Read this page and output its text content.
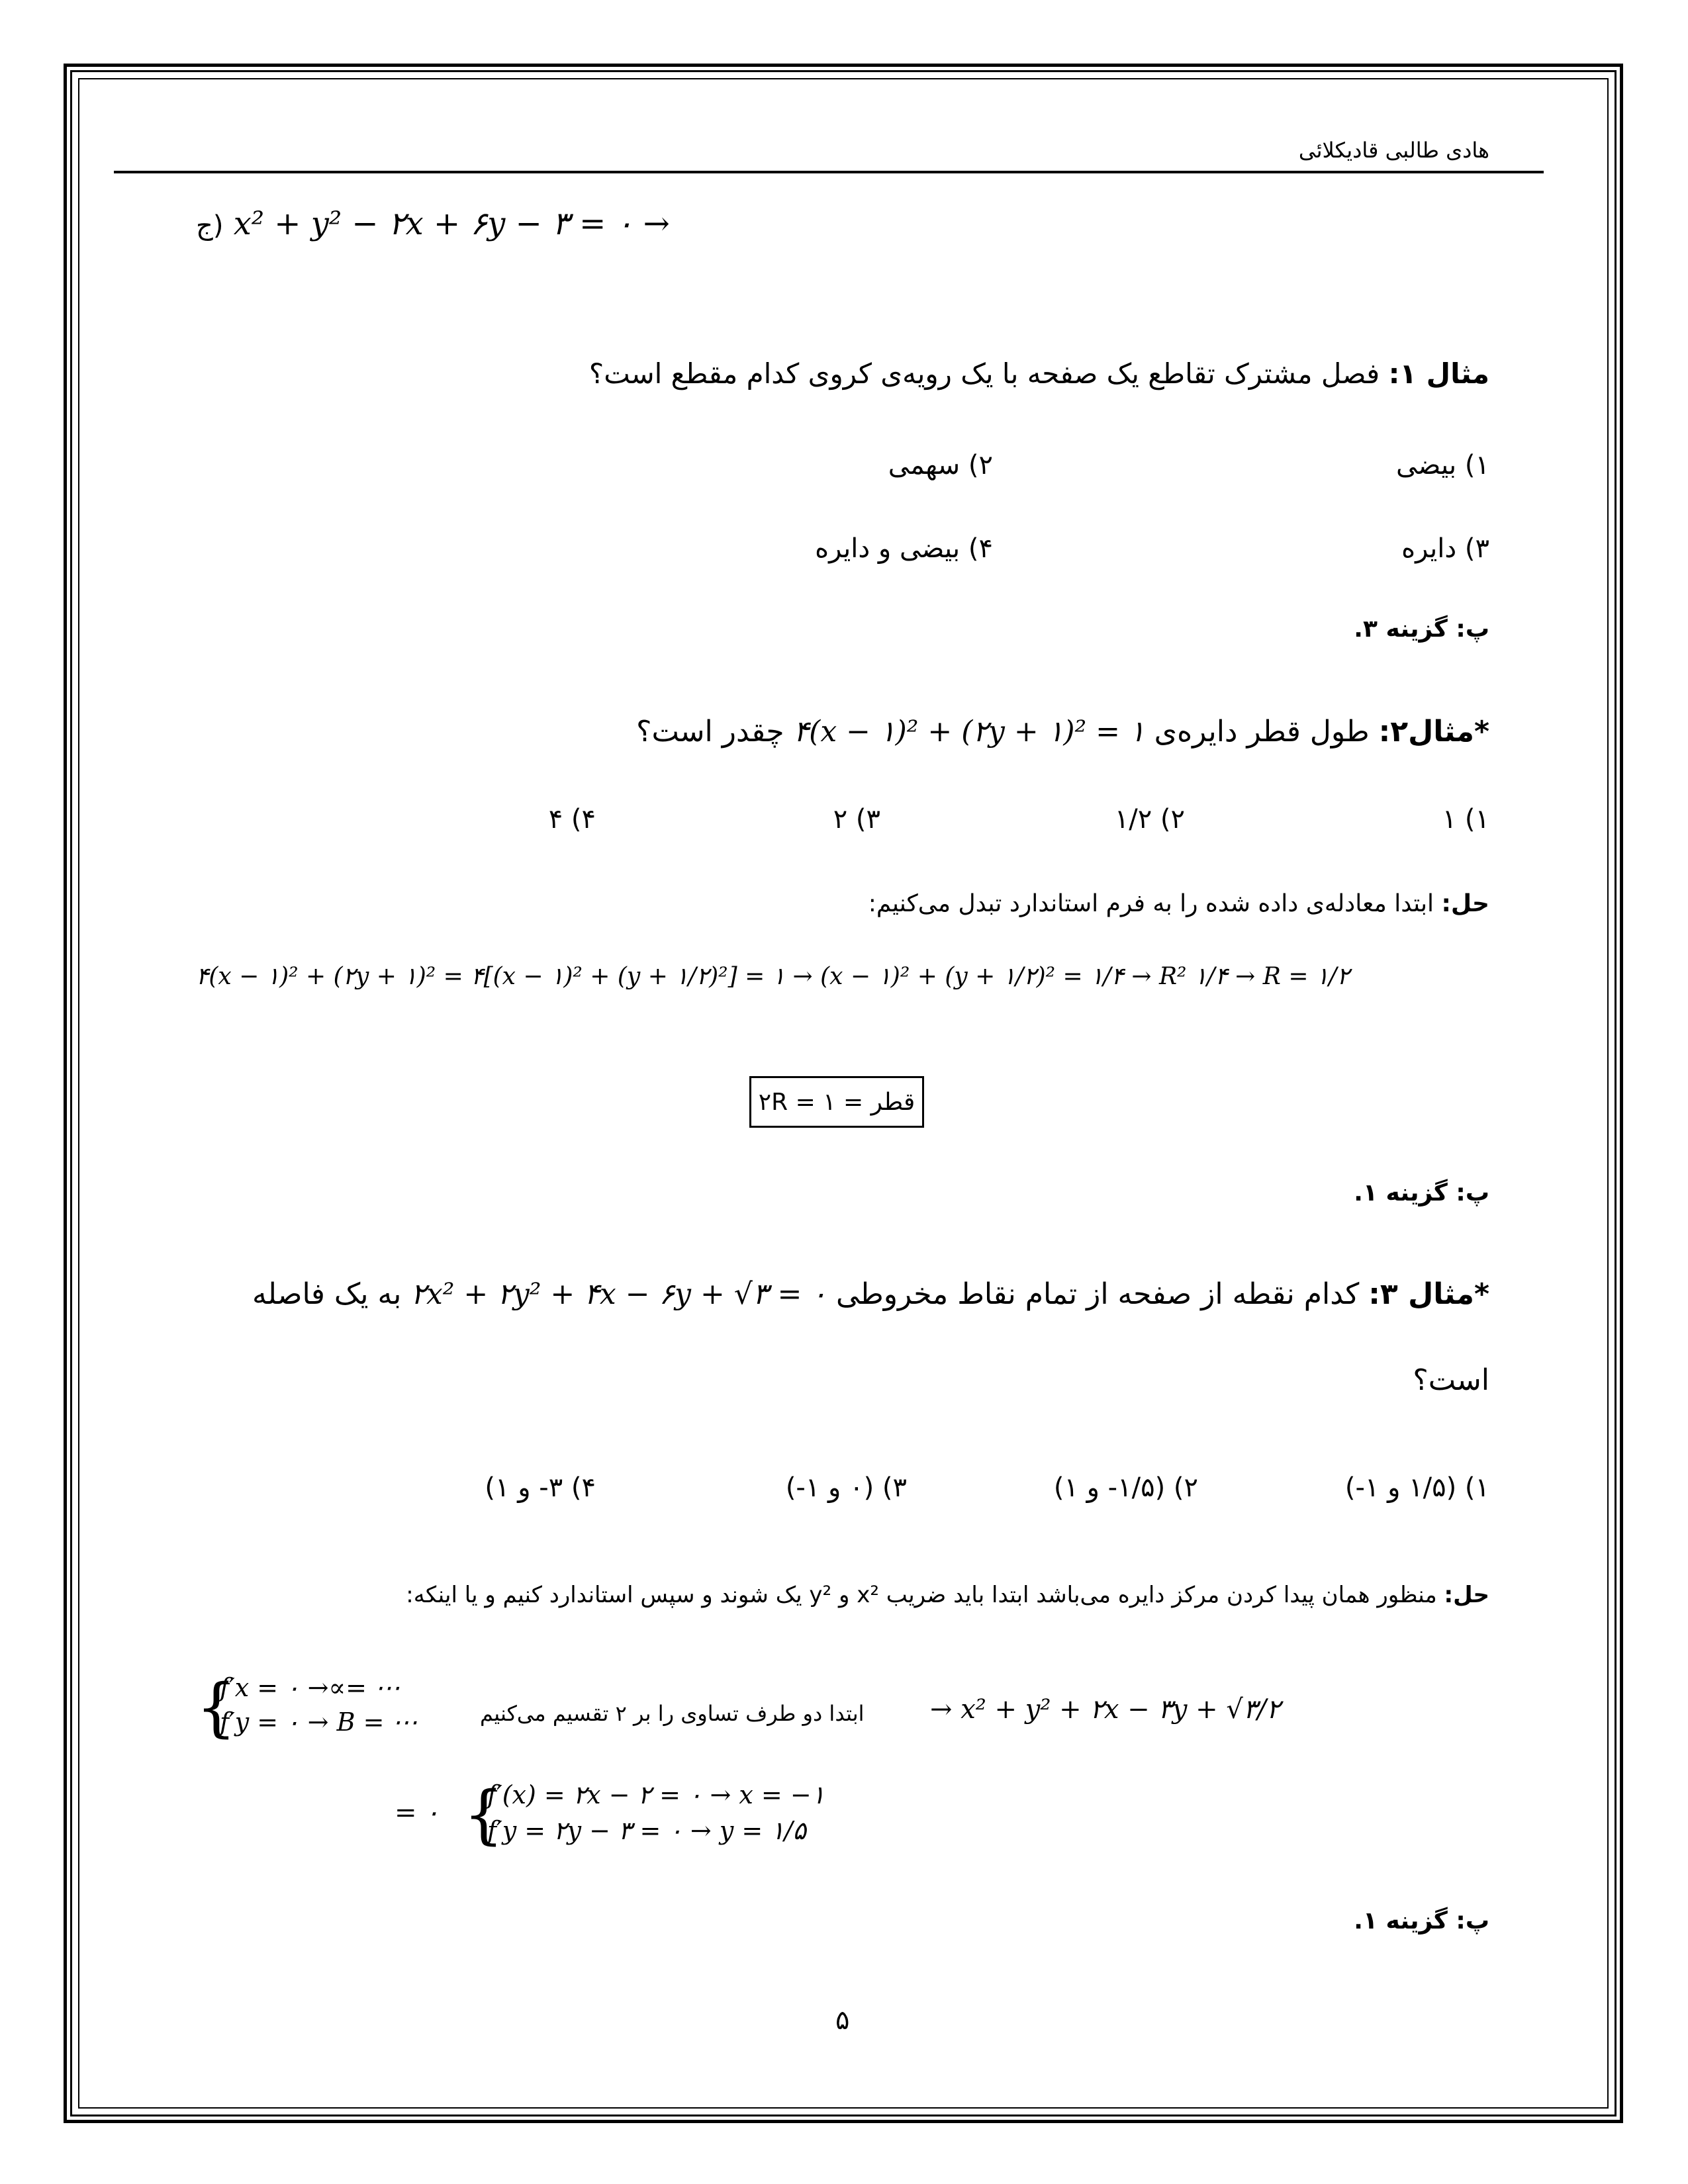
هادی طالبی قادیکلائی
ج) x² + y² − ۲x + ۶y − ۳ = ۰ →
مثال ۱: فصل مشترک تقاطع یک صفحه با یک رویه‌ی کروی کدام مقطع است؟
۱) بیضی
۲) سهمی
۳) دایره
۴) بیضی و دایره
پ: گزینه ۳.
*مثال۲: طول قطر دایره‌ی ۴(x − ۱)² + (۲y + ۱)² = ۱ چقدر است؟
۱) ۱
۲) ۱/۲
۳) ۲
۴) ۴
حل: ابتدا معادله‌ی داده شده را به فرم استاندارد تبدل می‌کنیم:
۴(x − ۱)² + (۲y + ۱)² = ۴[(x − ۱)² + (y + ۱/۲)²] = ۱ → (x − ۱)² + (y + ۱/۲)² = ۱/۴ → R² ۱/۴ → R = ۱/۲
قطر = ۲R = ۱
پ: گزینه ۱.
*مثال ۳: کدام نقطه از صفحه از تمام نقاط مخروطی ۲x² + ۲y² + ۴x − ۶y + √۳ = ۰ به یک فاصله
است؟
۱) (۱/۵ و ۱-)
۲) (۱/۵- و ۱)
۳) (۰ و ۱-)
۴) ۳- و ۱)
حل: منظور همان پیدا کردن مرکز دایره می‌باشد ابتدا باید ضریب x² و y² یک شوند و سپس استاندارد کنیم و یا اینکه:
{
f′x = ۰ →∝= ⋯
f′y = ۰ → B = ⋯	ابتدا دو طرف تساوی را بر ۲ تقسیم می‌کنیم → x² + y² + ۲x − ۳y + √۳/۲
= ۰ {
f′(x) = ۲x − ۲ = ۰ → x = −۱
f′y = ۲y − ۳ = ۰ → y = ۱/۵
پ: گزینه ۱.
۵
